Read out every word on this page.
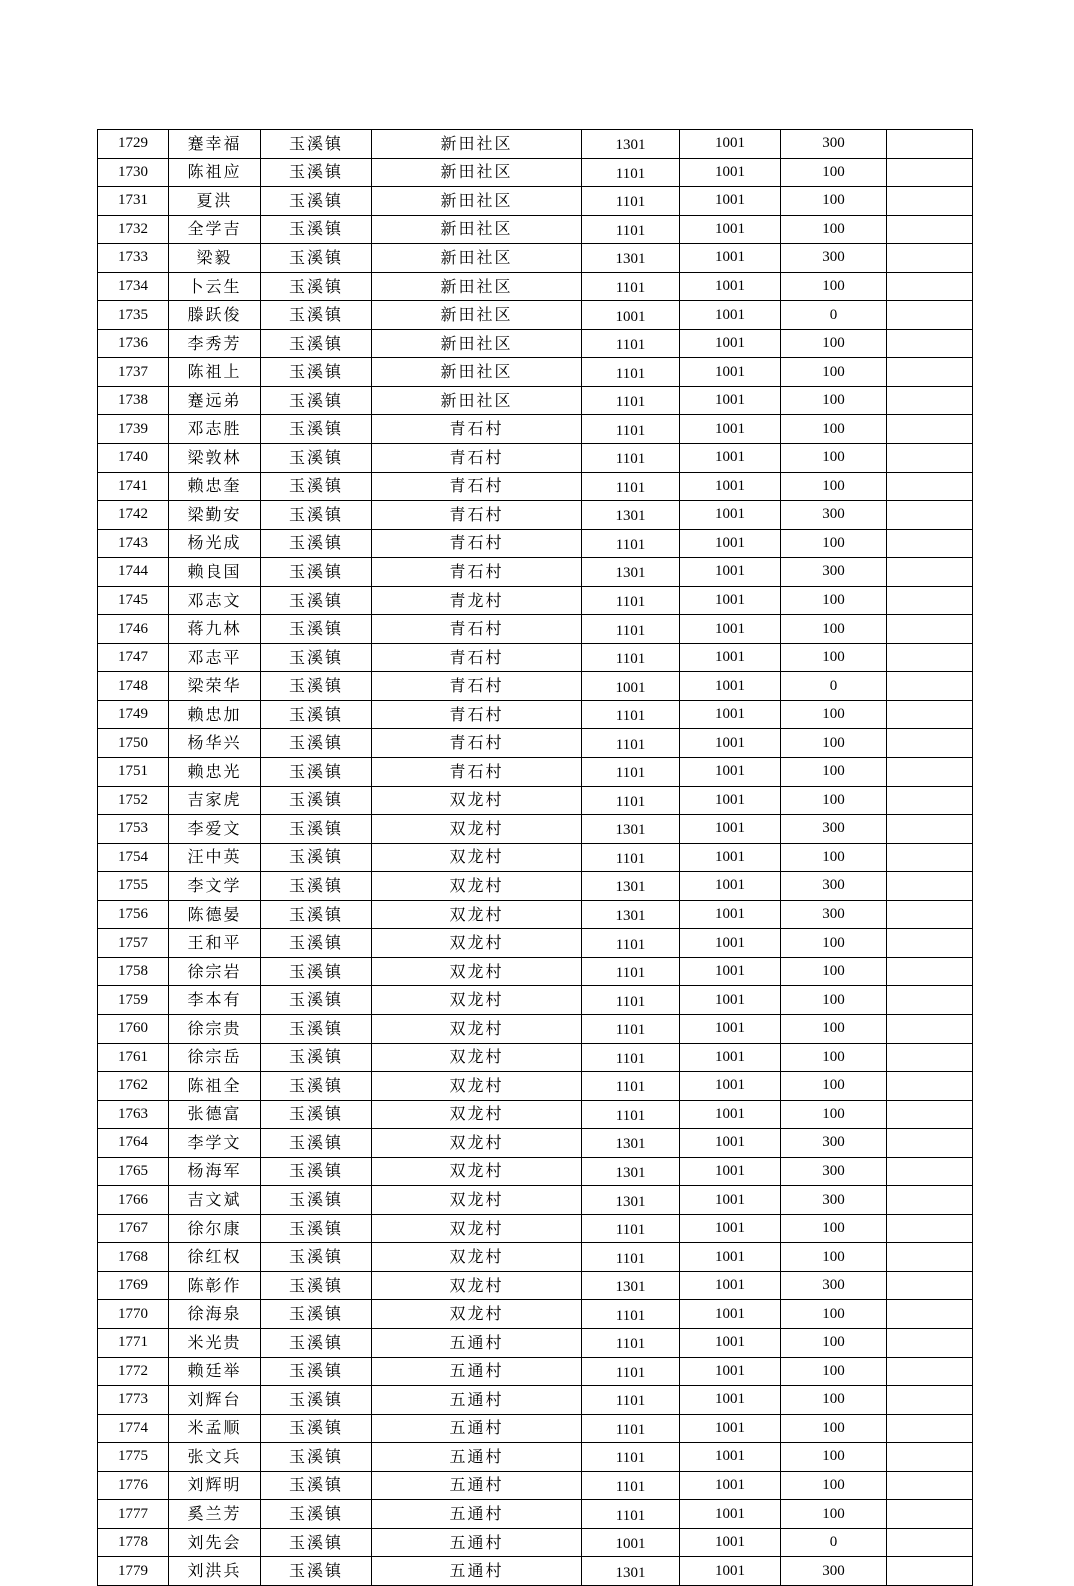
1729	蹇幸福	玉溪镇	新田社区	1301	1001	300	
1730	陈祖应	玉溪镇	新田社区	1101	1001	100	
1731	夏洪	玉溪镇	新田社区	1101	1001	100	
1732	全学吉	玉溪镇	新田社区	1101	1001	100	
1733	梁毅	玉溪镇	新田社区	1301	1001	300	
1734	卜云生	玉溪镇	新田社区	1101	1001	100	
1735	滕跃俊	玉溪镇	新田社区	1001	1001	0	
1736	李秀芳	玉溪镇	新田社区	1101	1001	100	
1737	陈祖上	玉溪镇	新田社区	1101	1001	100	
1738	蹇远弟	玉溪镇	新田社区	1101	1001	100	
1739	邓志胜	玉溪镇	青石村	1101	1001	100	
1740	梁敦林	玉溪镇	青石村	1101	1001	100	
1741	赖忠奎	玉溪镇	青石村	1101	1001	100	
1742	梁勤安	玉溪镇	青石村	1301	1001	300	
1743	杨光成	玉溪镇	青石村	1101	1001	100	
1744	赖良国	玉溪镇	青石村	1301	1001	300	
1745	邓志文	玉溪镇	青龙村	1101	1001	100	
1746	蒋九林	玉溪镇	青石村	1101	1001	100	
1747	邓志平	玉溪镇	青石村	1101	1001	100	
1748	梁荣华	玉溪镇	青石村	1001	1001	0	
1749	赖忠加	玉溪镇	青石村	1101	1001	100	
1750	杨华兴	玉溪镇	青石村	1101	1001	100	
1751	赖忠光	玉溪镇	青石村	1101	1001	100	
1752	吉家虎	玉溪镇	双龙村	1101	1001	100	
1753	李爱文	玉溪镇	双龙村	1301	1001	300	
1754	汪中英	玉溪镇	双龙村	1101	1001	100	
1755	李文学	玉溪镇	双龙村	1301	1001	300	
1756	陈德晏	玉溪镇	双龙村	1301	1001	300	
1757	王和平	玉溪镇	双龙村	1101	1001	100	
1758	徐宗岩	玉溪镇	双龙村	1101	1001	100	
1759	李本有	玉溪镇	双龙村	1101	1001	100	
1760	徐宗贵	玉溪镇	双龙村	1101	1001	100	
1761	徐宗岳	玉溪镇	双龙村	1101	1001	100	
1762	陈祖全	玉溪镇	双龙村	1101	1001	100	
1763	张德富	玉溪镇	双龙村	1101	1001	100	
1764	李学文	玉溪镇	双龙村	1301	1001	300	
1765	杨海军	玉溪镇	双龙村	1301	1001	300	
1766	吉文斌	玉溪镇	双龙村	1301	1001	300	
1767	徐尔康	玉溪镇	双龙村	1101	1001	100	
1768	徐红权	玉溪镇	双龙村	1101	1001	100	
1769	陈彰作	玉溪镇	双龙村	1301	1001	300	
1770	徐海泉	玉溪镇	双龙村	1101	1001	100	
1771	米光贵	玉溪镇	五通村	1101	1001	100	
1772	赖廷举	玉溪镇	五通村	1101	1001	100	
1773	刘辉台	玉溪镇	五通村	1101	1001	100	
1774	米孟顺	玉溪镇	五通村	1101	1001	100	
1775	张文兵	玉溪镇	五通村	1101	1001	100	
1776	刘辉明	玉溪镇	五通村	1101	1001	100	
1777	奚兰芳	玉溪镇	五通村	1101	1001	100	
1778	刘先会	玉溪镇	五通村	1001	1001	0	
1779	刘洪兵	玉溪镇	五通村	1301	1001	300	
